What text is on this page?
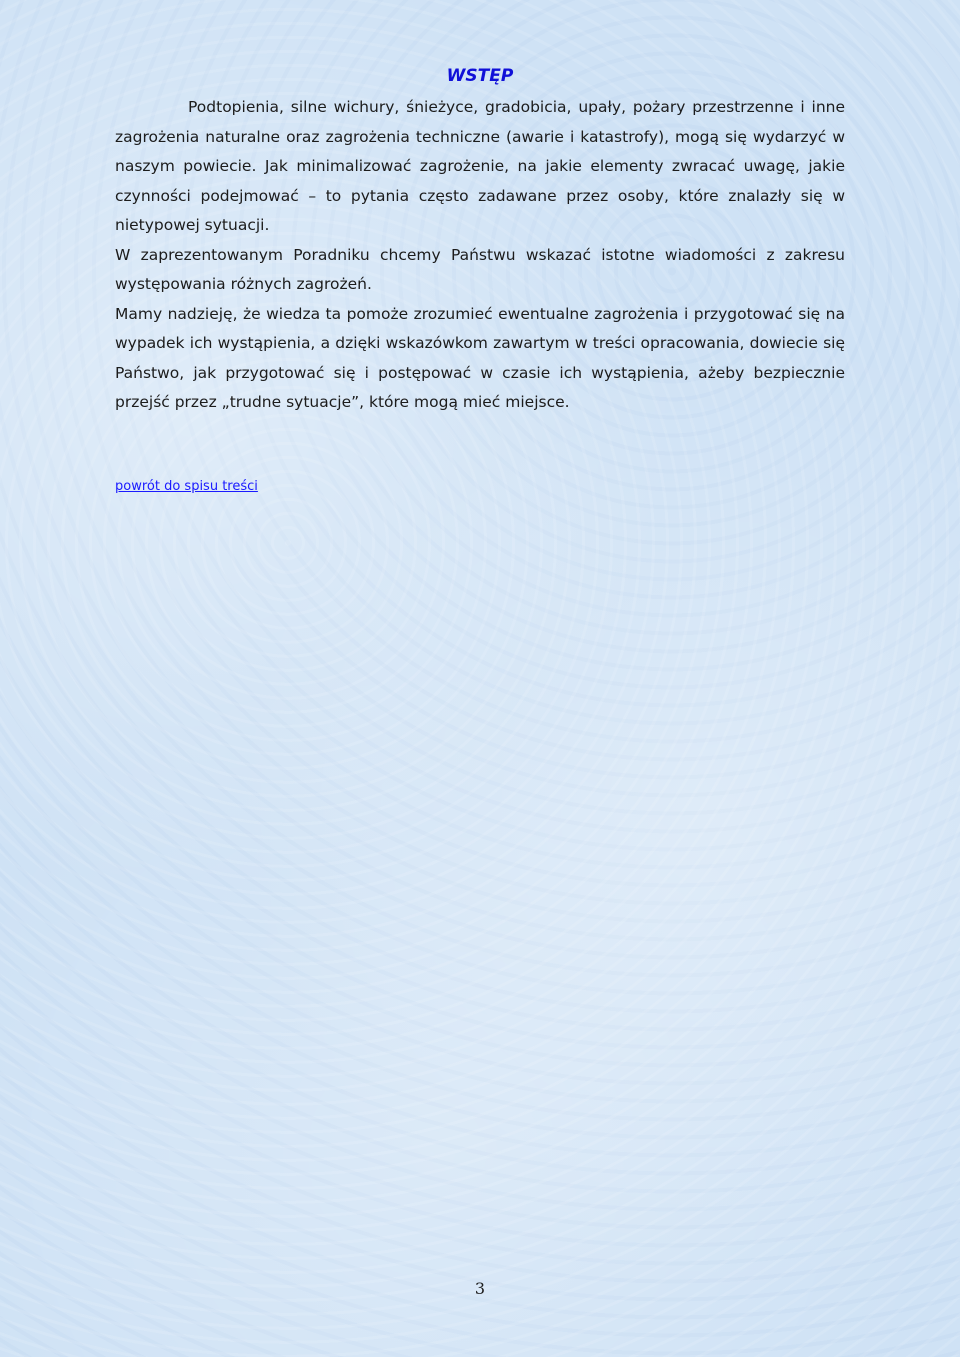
WSTĘP

Podtopienia, silne wichury, śnieżyce, gradobicia, upały, pożary przestrzenne i inne zagrożenia naturalne oraz zagrożenia techniczne (awarie i katastrofy), mogą się wydarzyć w naszym powiecie. Jak minimalizować zagrożenie, na jakie elementy zwracać uwagę, jakie czynności podejmować – to pytania często zadawane przez osoby, które znalazły się w nietypowej sytuacji.

W zaprezentowanym Poradniku chcemy Państwu wskazać istotne wiadomości z zakresu występowania różnych zagrożeń.

Mamy nadzieję, że wiedza ta pomoże zrozumieć ewentualne zagrożenia i przygotować się na wypadek ich wystąpienia, a dzięki wskazówkom zawartym w treści opracowania, dowiecie się Państwo, jak przygotować się i postępować w czasie ich wystąpienia, ażeby bezpiecznie przejść przez „trudne sytuacje”, które mogą mieć miejsce.

powrót do spisu treści
3
